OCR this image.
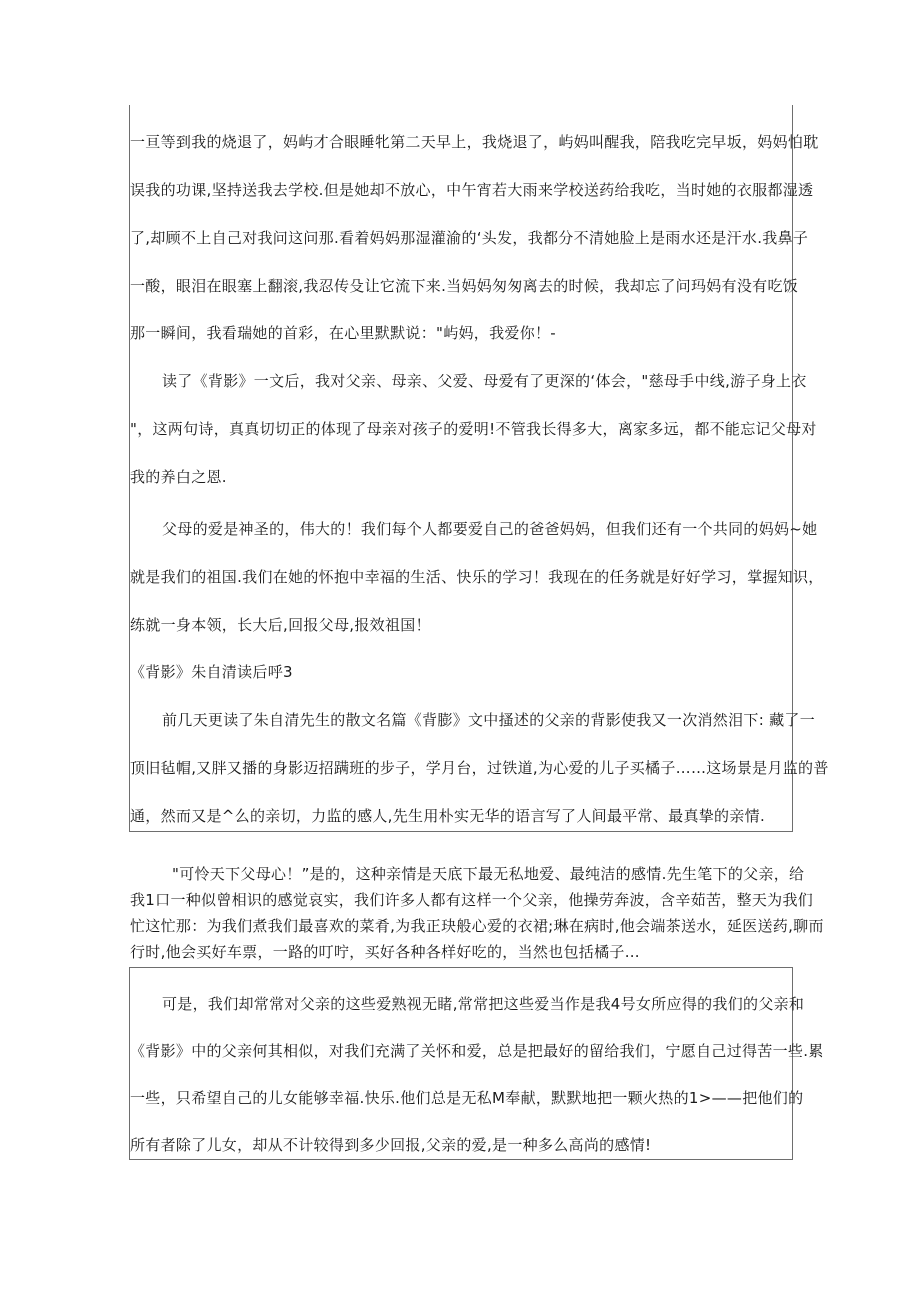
一亘等到我的烧退了，妈屿才合眼睡牝第二天早上，我烧退了，屿妈叫醒我，陪我吃完早坂，妈妈怕耽
误我的功课,坚持送我去学校.但是她却不放心，中午宵若大雨来学校送药给我吃，当时她的衣服都湿透
了,却顾不上自己对我问这问那.看着妈妈那湿灌渝的‘头发，我都分不清她脸上是雨水还是汗水.我鼻子
一酸，眼泪在眼塞上翻滚,我忍传殳让它流下来.当妈妈匆匆离去的时候，我却忘了问玛妈有没有吃饭
那一瞬间，我看瑞她的首彩，在心里默默说："屿妈，我爱你！-
读了《背影》一文后，我对父亲、母亲、父爱、母爱有了更深的‘体会，"慈母手中线,游子身上衣
"，这两句诗，真真切切正的体现了母亲对孩子的爱明!不管我长得多大，离家多远，都不能忘记父母对
我的养白之恩.
父母的爱是神圣的，伟大的！我们每个人都要爱自己的爸爸妈妈，但我们还有一个共同的妈妈~她
就是我们的祖国.我们在她的怀抱中幸福的生活、快乐的学习！我现在的任务就是好好学习，掌握知识，
练就一身本领，长大后,回报父母,报效祖国！
《背影》朱自清读后呼3
前几天更读了朱自清先生的散文名篇《背膨》文中搔述的父亲的背影使我又一次消然泪下: 藏了一
顶旧毡帽,又胖又播的身影迈招蹒班的步子，学月台，过铁道,为心爱的儿子买橘子……这场景是月监的普
通，然而又是^么的亲切，力监的感人,先生用朴实无华的语言写了人间最平常、最真挚的亲情.
"可怜天下父母心！”是的，这种亲情是天底下最无私地爱、最纯洁的感情.先生笔下的父亲，给
我1口一种似曾相识的感觉哀实，我们许多人都有这样一个父亲，他操劳奔波，含辛茹苦，整天为我们
忙这忙那：为我们煮我们最喜欢的菜肴,为我正玦般心爱的衣裙;琳在病时,他会端茶送水，延医送药,聊而
行时,他会买好车票，一路的叮咛，买好各种各样好吃的，当然也包括橘子…
可是，我们却常常对父亲的这些爱熟视无睹,常常把这些爱当作是我4号女所应得的我们的父亲和
《背影》中的父亲何其相似，对我们充满了关怀和爱，总是把最好的留给我们，宁愿自己过得苦一些.累
一些，只希望自己的儿女能够幸福.快乐.他们总是无私M奉献，默默地把一颗火热的1>——把他们的
所有者除了儿女，却从不计较得到多少回报,父亲的爱,是一种多么高尚的感情!
